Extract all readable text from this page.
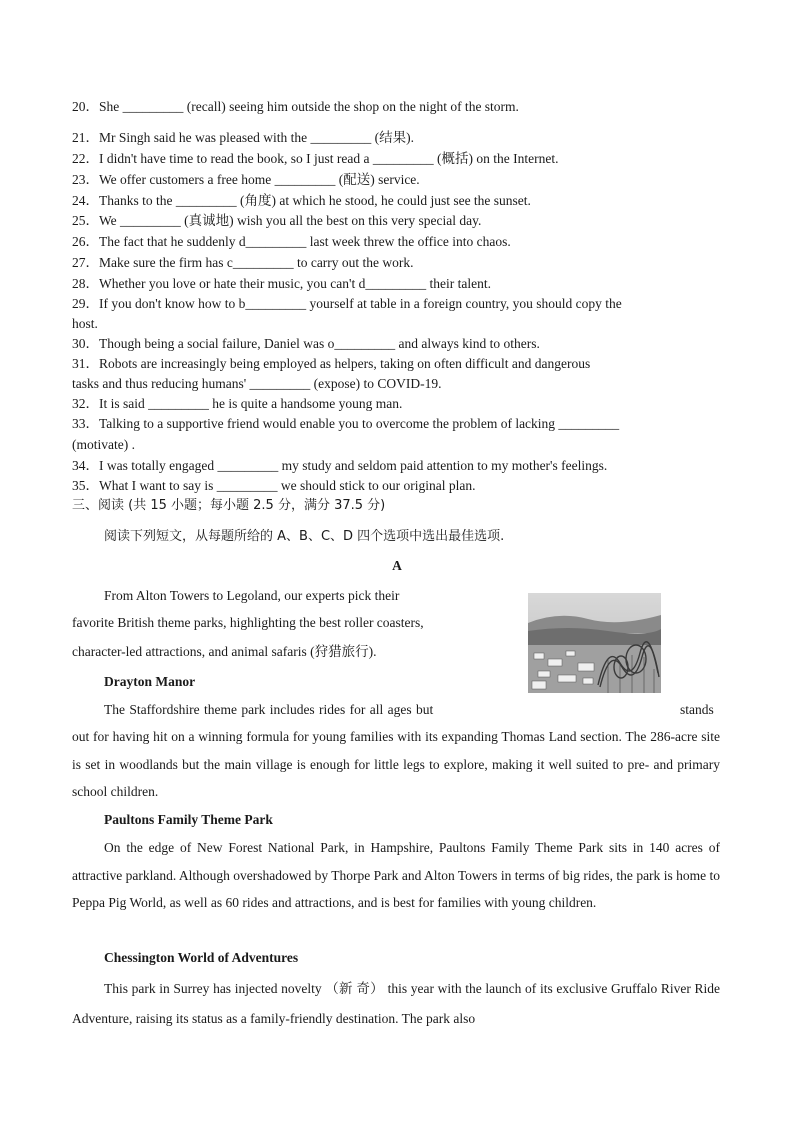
20．She _________ (recall) seeing him outside the shop on the night of the storm.
21．Mr Singh said he was pleased with the _________ (结果).
22．I didn't have time to read the book, so I just read a _________ (概括) on the Internet.
23．We offer customers a free home _________ (配送) service.
24．Thanks to the _________ (角度) at which he stood, he could just see the sunset.
25．We _________ (真诚地) wish you all the best on this very special day.
26．The fact that he suddenly d_________ last week threw the office into chaos.
27．Make sure the firm has c_________ to carry out the work.
28．Whether you love or hate their music, you can't d_________ their talent.
29．If you don't know how to b_________ yourself at table in a foreign country, you should copy the
host.
30．Though being a social failure, Daniel was o_________ and always kind to others.
31．Robots are increasingly being employed as helpers, taking on often difficult and dangerous
tasks and thus reducing humans' _________ (expose) to COVID-19.
32．It is said _________ he is quite a handsome young man.
33．Talking to a supportive friend would enable you to overcome the problem of lacking _________
(motivate) .
34．I was totally engaged _________ my study and seldom paid attention to my mother's feelings.
35．What I want to say is _________ we should stick to our original plan.
三、阅读 (共 15 小题；每小题 2.5 分，满分 37.5 分)
阅读下列短文，从每题所给的 A、B、C、D 四个选项中选出最佳选项.
A
From Alton Towers to Legoland, our experts pick their
favorite British theme parks, highlighting the best roller coasters,
character-led attractions, and animal safaris (狩猎旅行).
Drayton Manor
The Staffordshire theme park includes rides for all ages but	stands
out for having hit on a winning formula for young families with its expanding Thomas Land section. The 286-acre site is set in woodlands but the main village is enough for little legs to explore, making it well suited to pre- and primary school children.
Paultons Family Theme Park
On the edge of New Forest National Park, in Hampshire, Paultons Family Theme Park sits in 140 acres of attractive parkland. Although overshadowed by Thorpe Park and Alton Towers in terms of big rides, the park is home to Peppa Pig World, as well as 60 rides and attractions, and is best for families with young children.
Chessington World of Adventures
This park in Surrey has injected novelty （新 奇） this year with the launch of its exclusive Gruffalo River Ride Adventure, raising its status as a family-friendly destination. The park also
